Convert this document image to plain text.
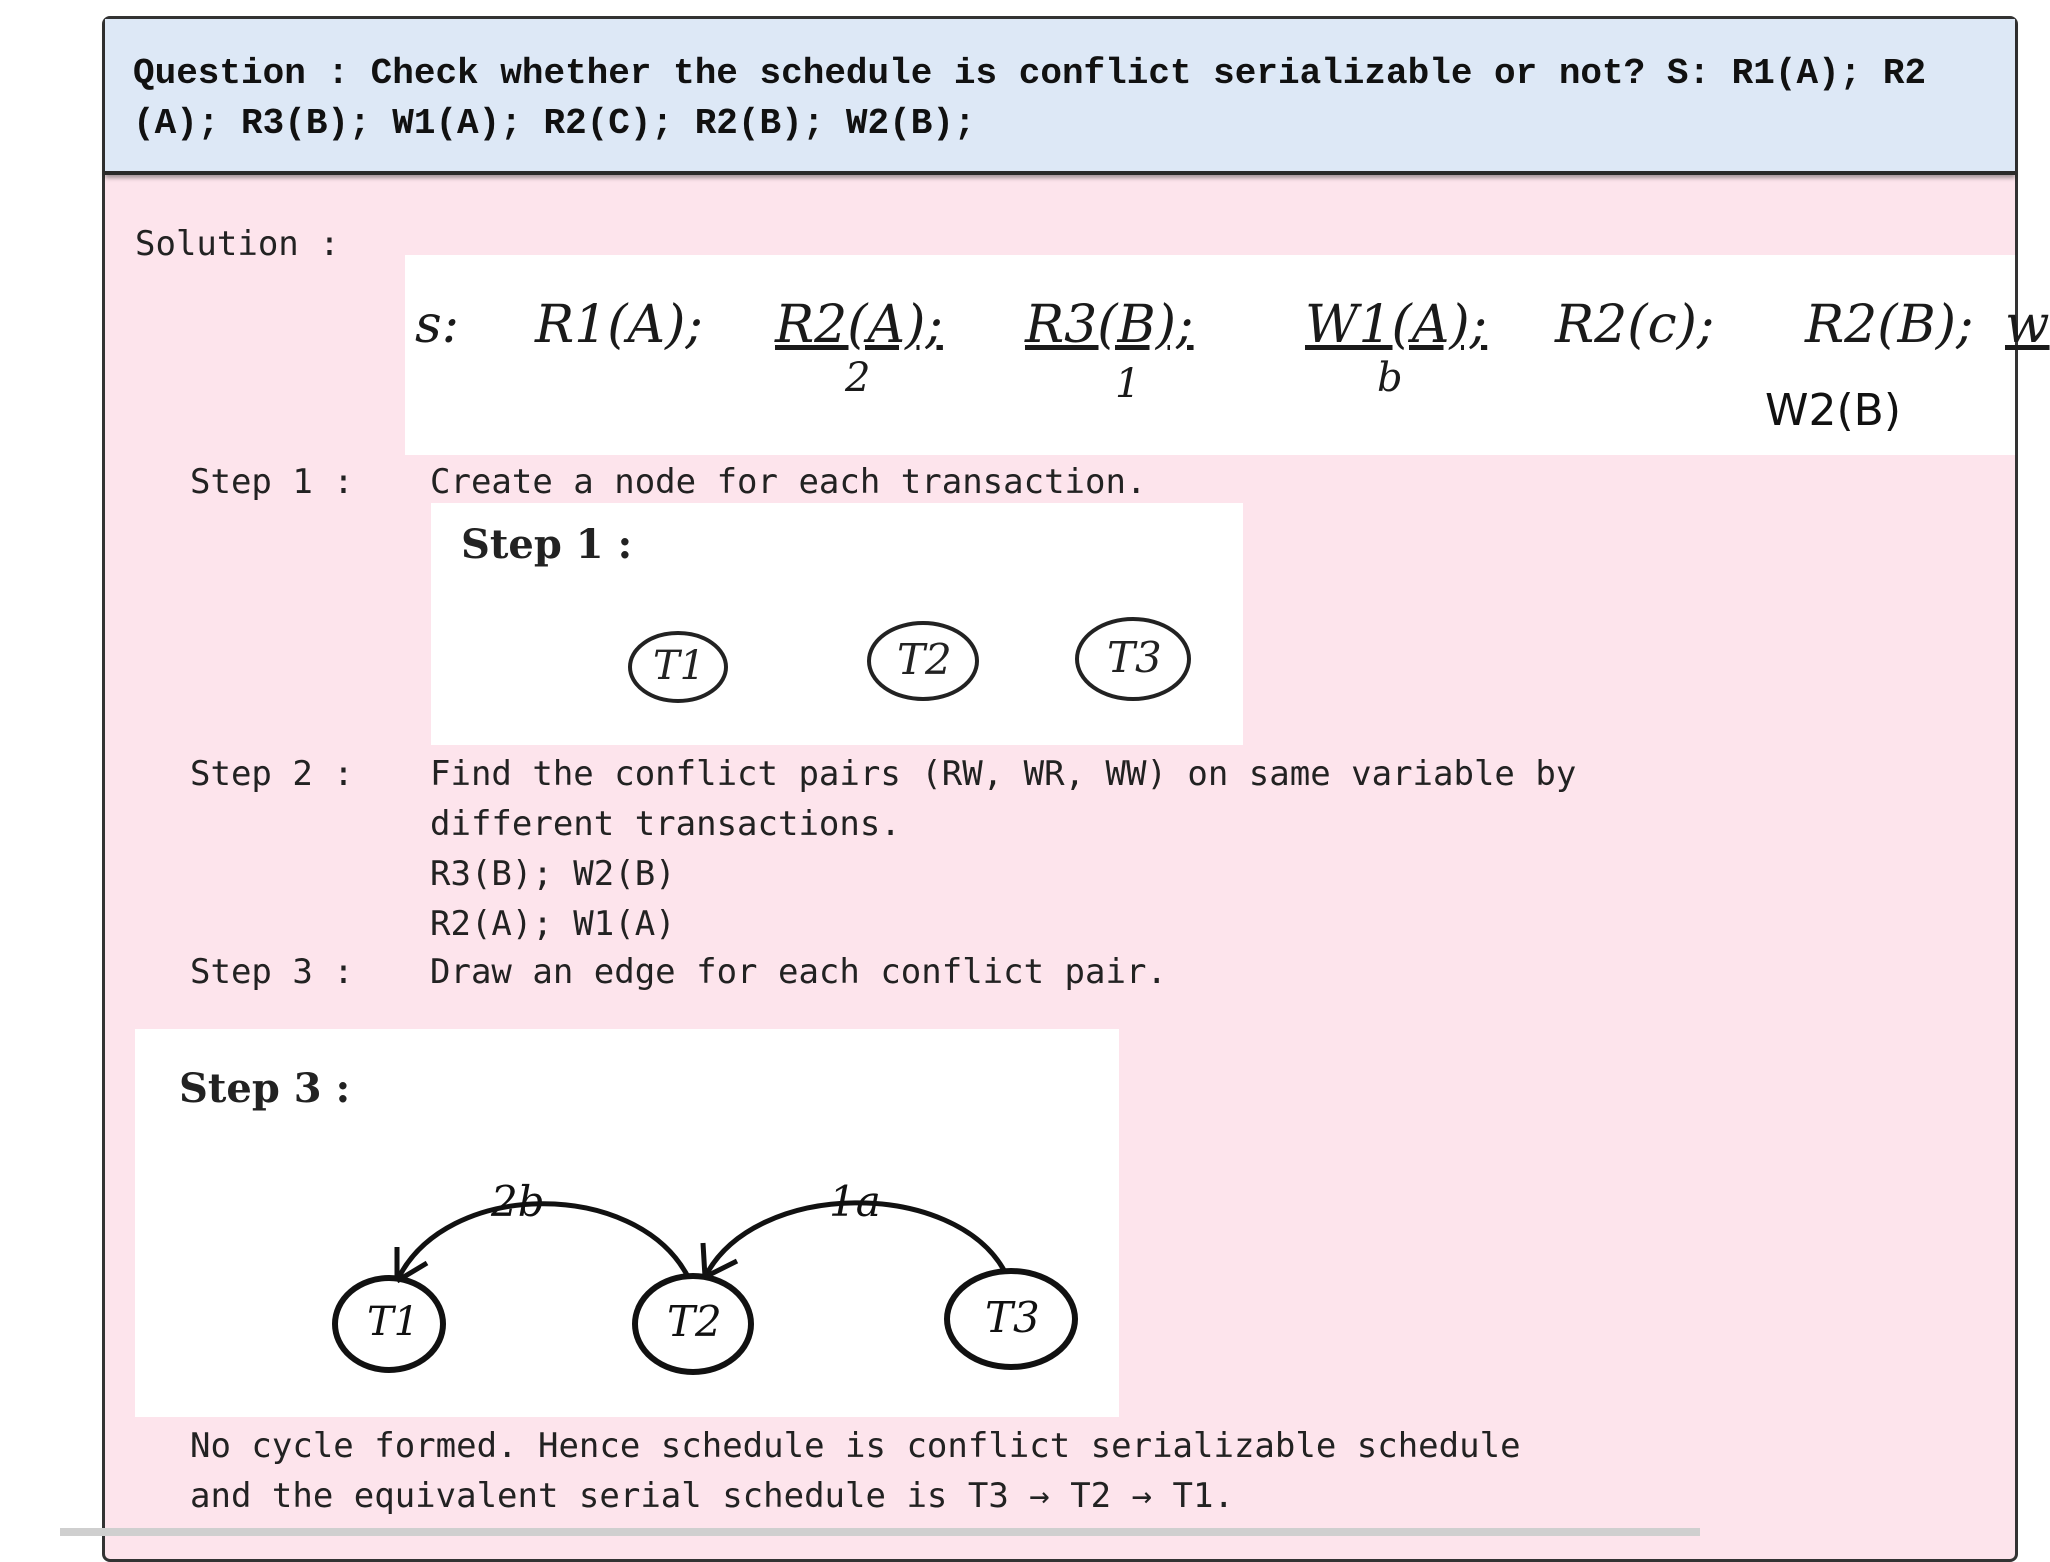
Question : Check whether the schedule is conflict serializable or not? S: R1(A); R2(A); R3(B); W1(A); R2(C); R2(B); W2(B);
Solution :
s: R1(A); R2(A);
2
R3(B);
1
W1(A);
b
R2(c); R2(B); w
W2(B)
Step 1 : Create a node for each transaction.
Step 1 :
T1	T2	T3
Step 2 : Find the conflict pairs (RW, WR, WW) on same variable by
different transactions.
R3(B); W2(B)
R2(A); W1(A)
Step 3 : Draw an edge for each conflict pair.
Step 3 :
2b	1a
T1	T2	T3
No cycle formed. Hence schedule is conflict serializable schedule
and the equivalent serial schedule is T3 → T2 → T1.
